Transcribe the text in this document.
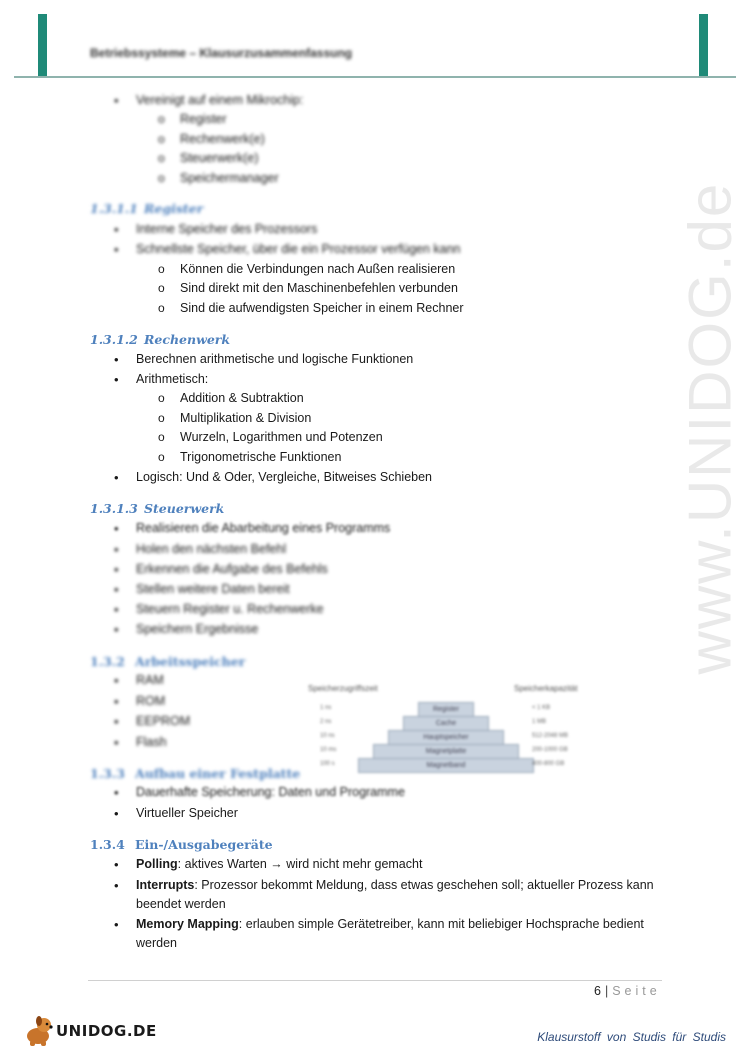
Betriebssysteme – Klausurzusammenfassung
www.UNIDOG.de
• Vereinigt auf einem Mikrochip:
o Register
o Rechenwerk(e)
o Steuerwerk(e)
o Speichermanager
1.3.1.1 Register
• Interne Speicher des Prozessors
• Schnellste Speicher, über die ein Prozessor verfügen kann
o Können die Verbindungen nach Außen realisieren
o Sind direkt mit den Maschinenbefehlen verbunden
o Sind die aufwendigsten Speicher in einem Rechner
1.3.1.2 Rechenwerk
• Berechnen arithmetische und logische Funktionen
• Arithmetisch:
o Addition & Subtraktion
o Multiplikation & Division
o Wurzeln, Logarithmen und Potenzen
o Trigonometrische Funktionen
• Logisch: Und & Oder, Vergleiche, Bitweises Schieben
1.3.1.3 Steuerwerk
• Realisieren die Abarbeitung eines Programms
• Holen den nächsten Befehl
• Erkennen die Aufgabe des Befehls
• Stellen weitere Daten bereit
• Steuern Register u. Rechenwerke
• Speichern Ergebnisse
1.3.2 Arbeitsspeicher
• RAM
• ROM
• EEPROM
• Flash
1.3.3 Aufbau einer Festplatte
Speicherzugriffszeit	Speicherkapazität
Register
Cache
Hauptspeicher
Magnetplatte
Magnetband
1 ns
2 ns
10 ns
10 ms
100 s
< 1 KB
1 MB
512-2048 MB
200-1000 GB
400-800 GB
• Dauerhafte Speicherung: Daten und Programme
• Virtueller Speicher
1.3.4 Ein-/Ausgabegeräte
• Polling: aktives Warten → wird nicht mehr gemacht
• Interrupts: Prozessor bekommt Meldung, dass etwas geschehen soll; aktueller Prozess kann
beendet werden
• Memory Mapping: erlauben simple Gerätetreiber, kann mit beliebiger Hochsprache bedient
werden
6 | Seite
UNIDOG.DE	Klausurstoff von Studis für Studis
